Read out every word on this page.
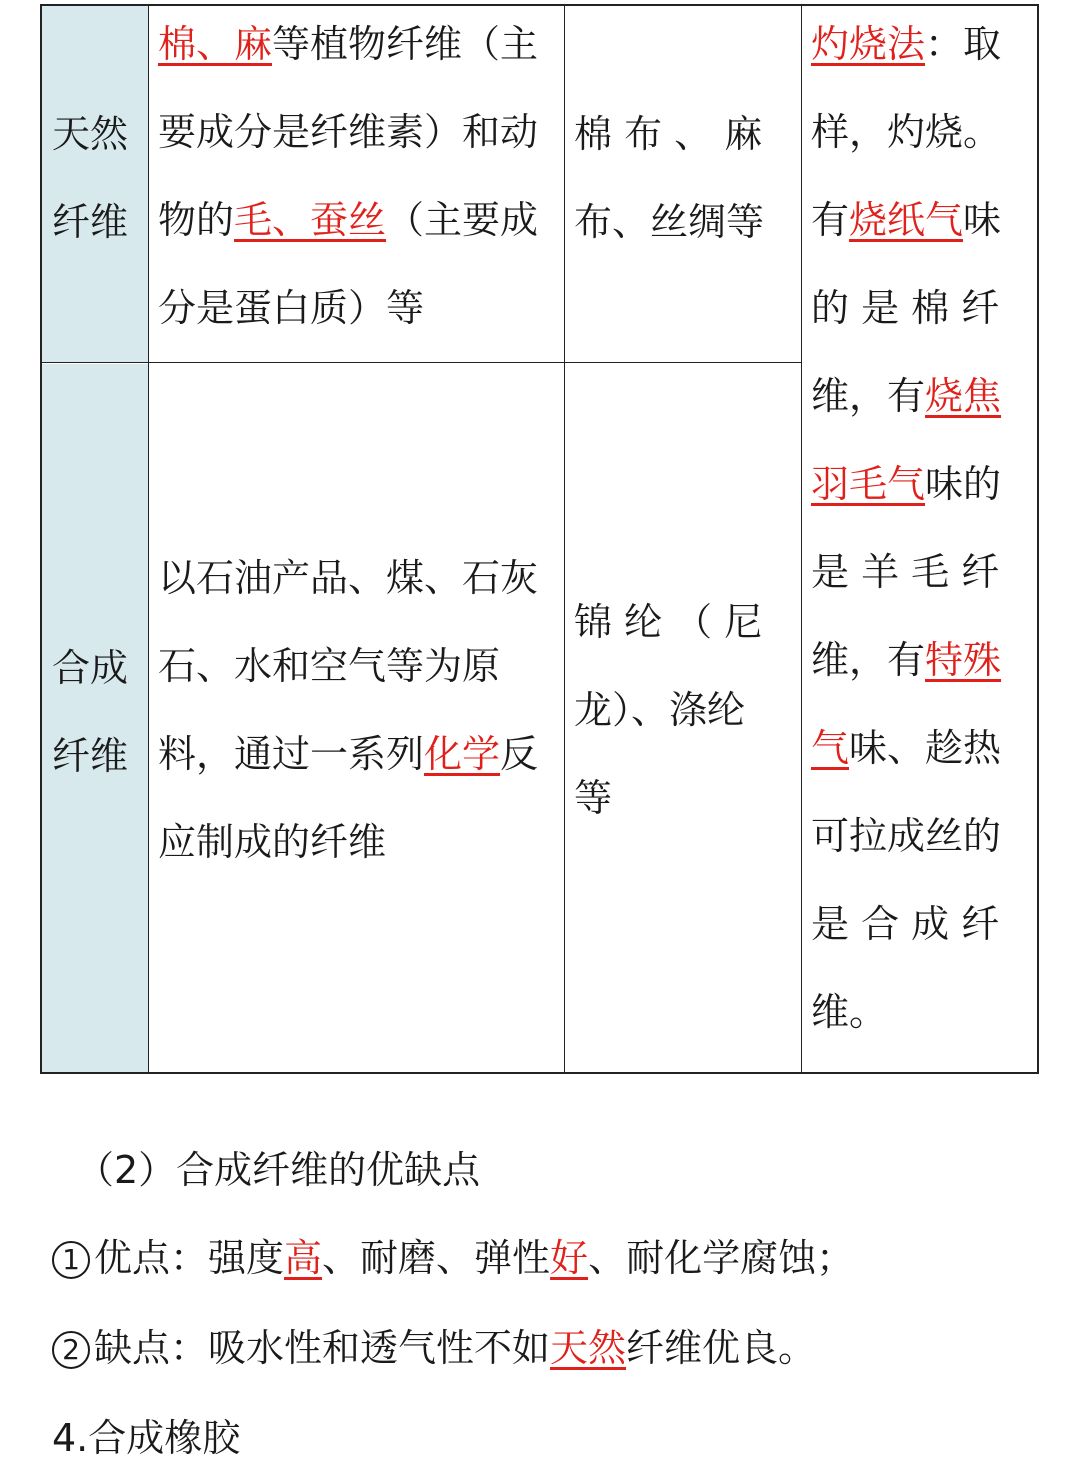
天然纤维
合成纤维
棉、麻等植物纤维（主
要成分是纤维素）和动
物的毛、蚕丝（主要成
分是蛋白质）等
以石油产品、煤、石灰
石、水和空气等为原
料，通过一系列化学反
应制成的纤维
棉 布 、 麻
布、丝绸等
锦 纶 （ 尼
龙）、涤纶
等
灼烧法：取
样，灼烧。
有烧纸气味
的 是 棉 纤
维，有烧焦
羽毛气味的
是 羊 毛 纤
维，有特殊
气味、趁热
可拉成丝的
是 合 成 纤
维。
（2）合成纤维的优缺点
1 优点：强度高、耐磨、弹性好、耐化学腐蚀；
2 缺点：吸水性和透气性不如天然纤维优良。
4.合成橡胶
